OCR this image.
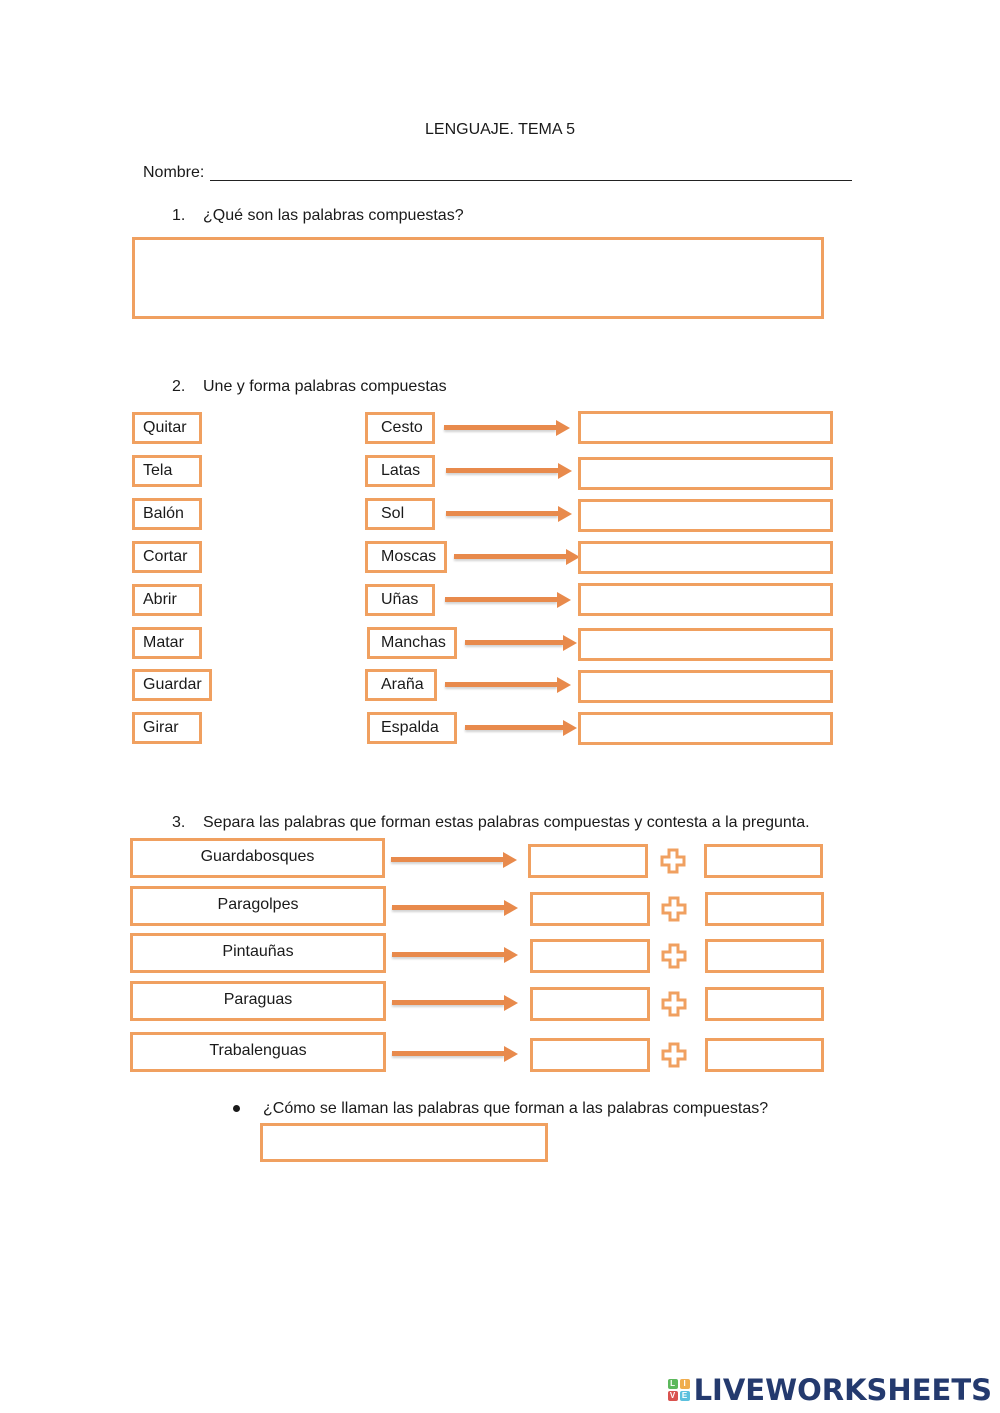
LENGUAJE. TEMA 5
Nombre:
1. ¿Qué son las palabras compuestas?
2. Une y forma palabras compuestas
Quitar
Tela
Balón
Cortar
Abrir
Matar
Guardar
Girar
Cesto
Latas
Sol
Moscas
Uñas
Manchas
Araña
Espalda
3. Separa las palabras que forman estas palabras compuestas y contesta a la pregunta.
Guardabosques
Paragolpes
Pintauñas
Paraguas
Trabalenguas
¿Cómo se llaman las palabras que forman a las palabras compuestas?
L	I
V E LIVEWORKSHEETS
